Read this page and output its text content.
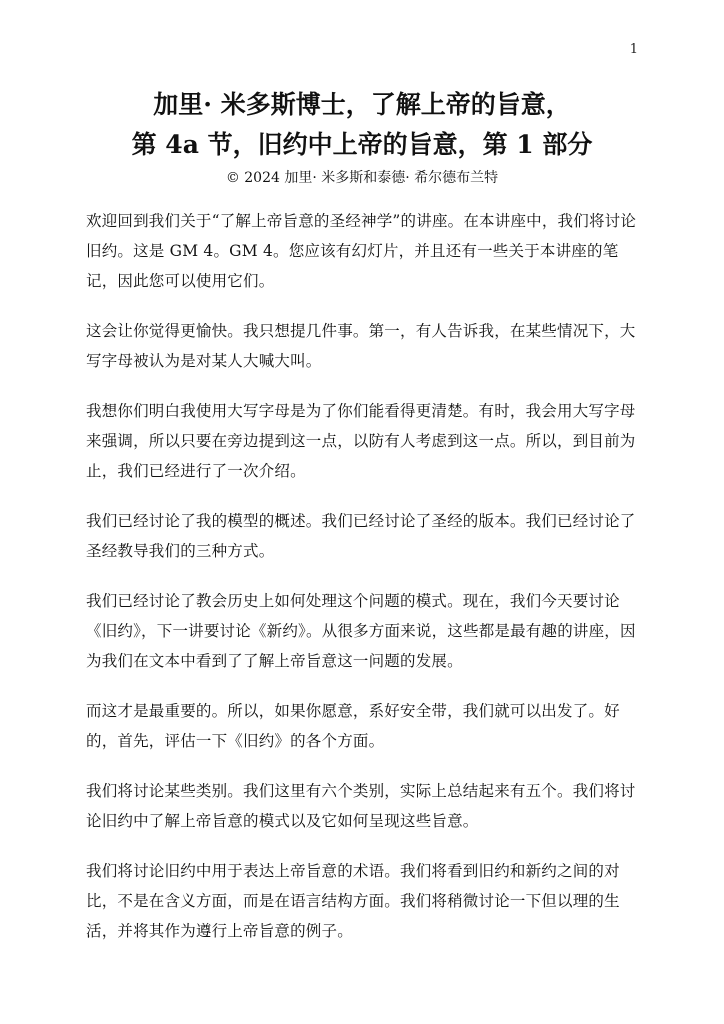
1
加里· 米多斯博士，了解上帝的旨意，
第 4a 节，旧约中上帝的旨意，第 1 部分
© 2024 加里· 米多斯和泰德· 希尔德布兰特

欢迎回到我们关于“了解上帝旨意的圣经神学”的讲座。在本讲座中，我们将讨论旧约。这是 GM 4。GM 4。您应该有幻灯片，并且还有一些关于本讲座的笔记，因此您可以使用它们。

这会让你觉得更愉快。我只想提几件事。第一，有人告诉我，在某些情况下，大写字母被认为是对某人大喊大叫。

我想你们明白我使用大写字母是为了你们能看得更清楚。有时，我会用大写字母来强调，所以只要在旁边提到这一点，以防有人考虑到这一点。所以，到目前为止，我们已经进行了一次介绍。

我们已经讨论了我的模型的概述。我们已经讨论了圣经的版本。我们已经讨论了圣经教导我们的三种方式。

我们已经讨论了教会历史上如何处理这个问题的模式。现在，我们今天要讨论《旧约》，下一讲要讨论《新约》。从很多方面来说，这些都是最有趣的讲座，因为我们在文本中看到了了解上帝旨意这一问题的发展。

而这才是最重要的。所以，如果你愿意，系好安全带，我们就可以出发了。好的，首先，评估一下《旧约》的各个方面。

我们将讨论某些类别。我们这里有六个类别，实际上总结起来有五个。我们将讨论旧约中了解上帝旨意的模式以及它如何呈现这些旨意。

我们将讨论旧约中用于表达上帝旨意的术语。我们将看到旧约和新约之间的对比，不是在含义方面，而是在语言结构方面。我们将稍微讨论一下但以理的生活，并将其作为遵行上帝旨意的例子。
